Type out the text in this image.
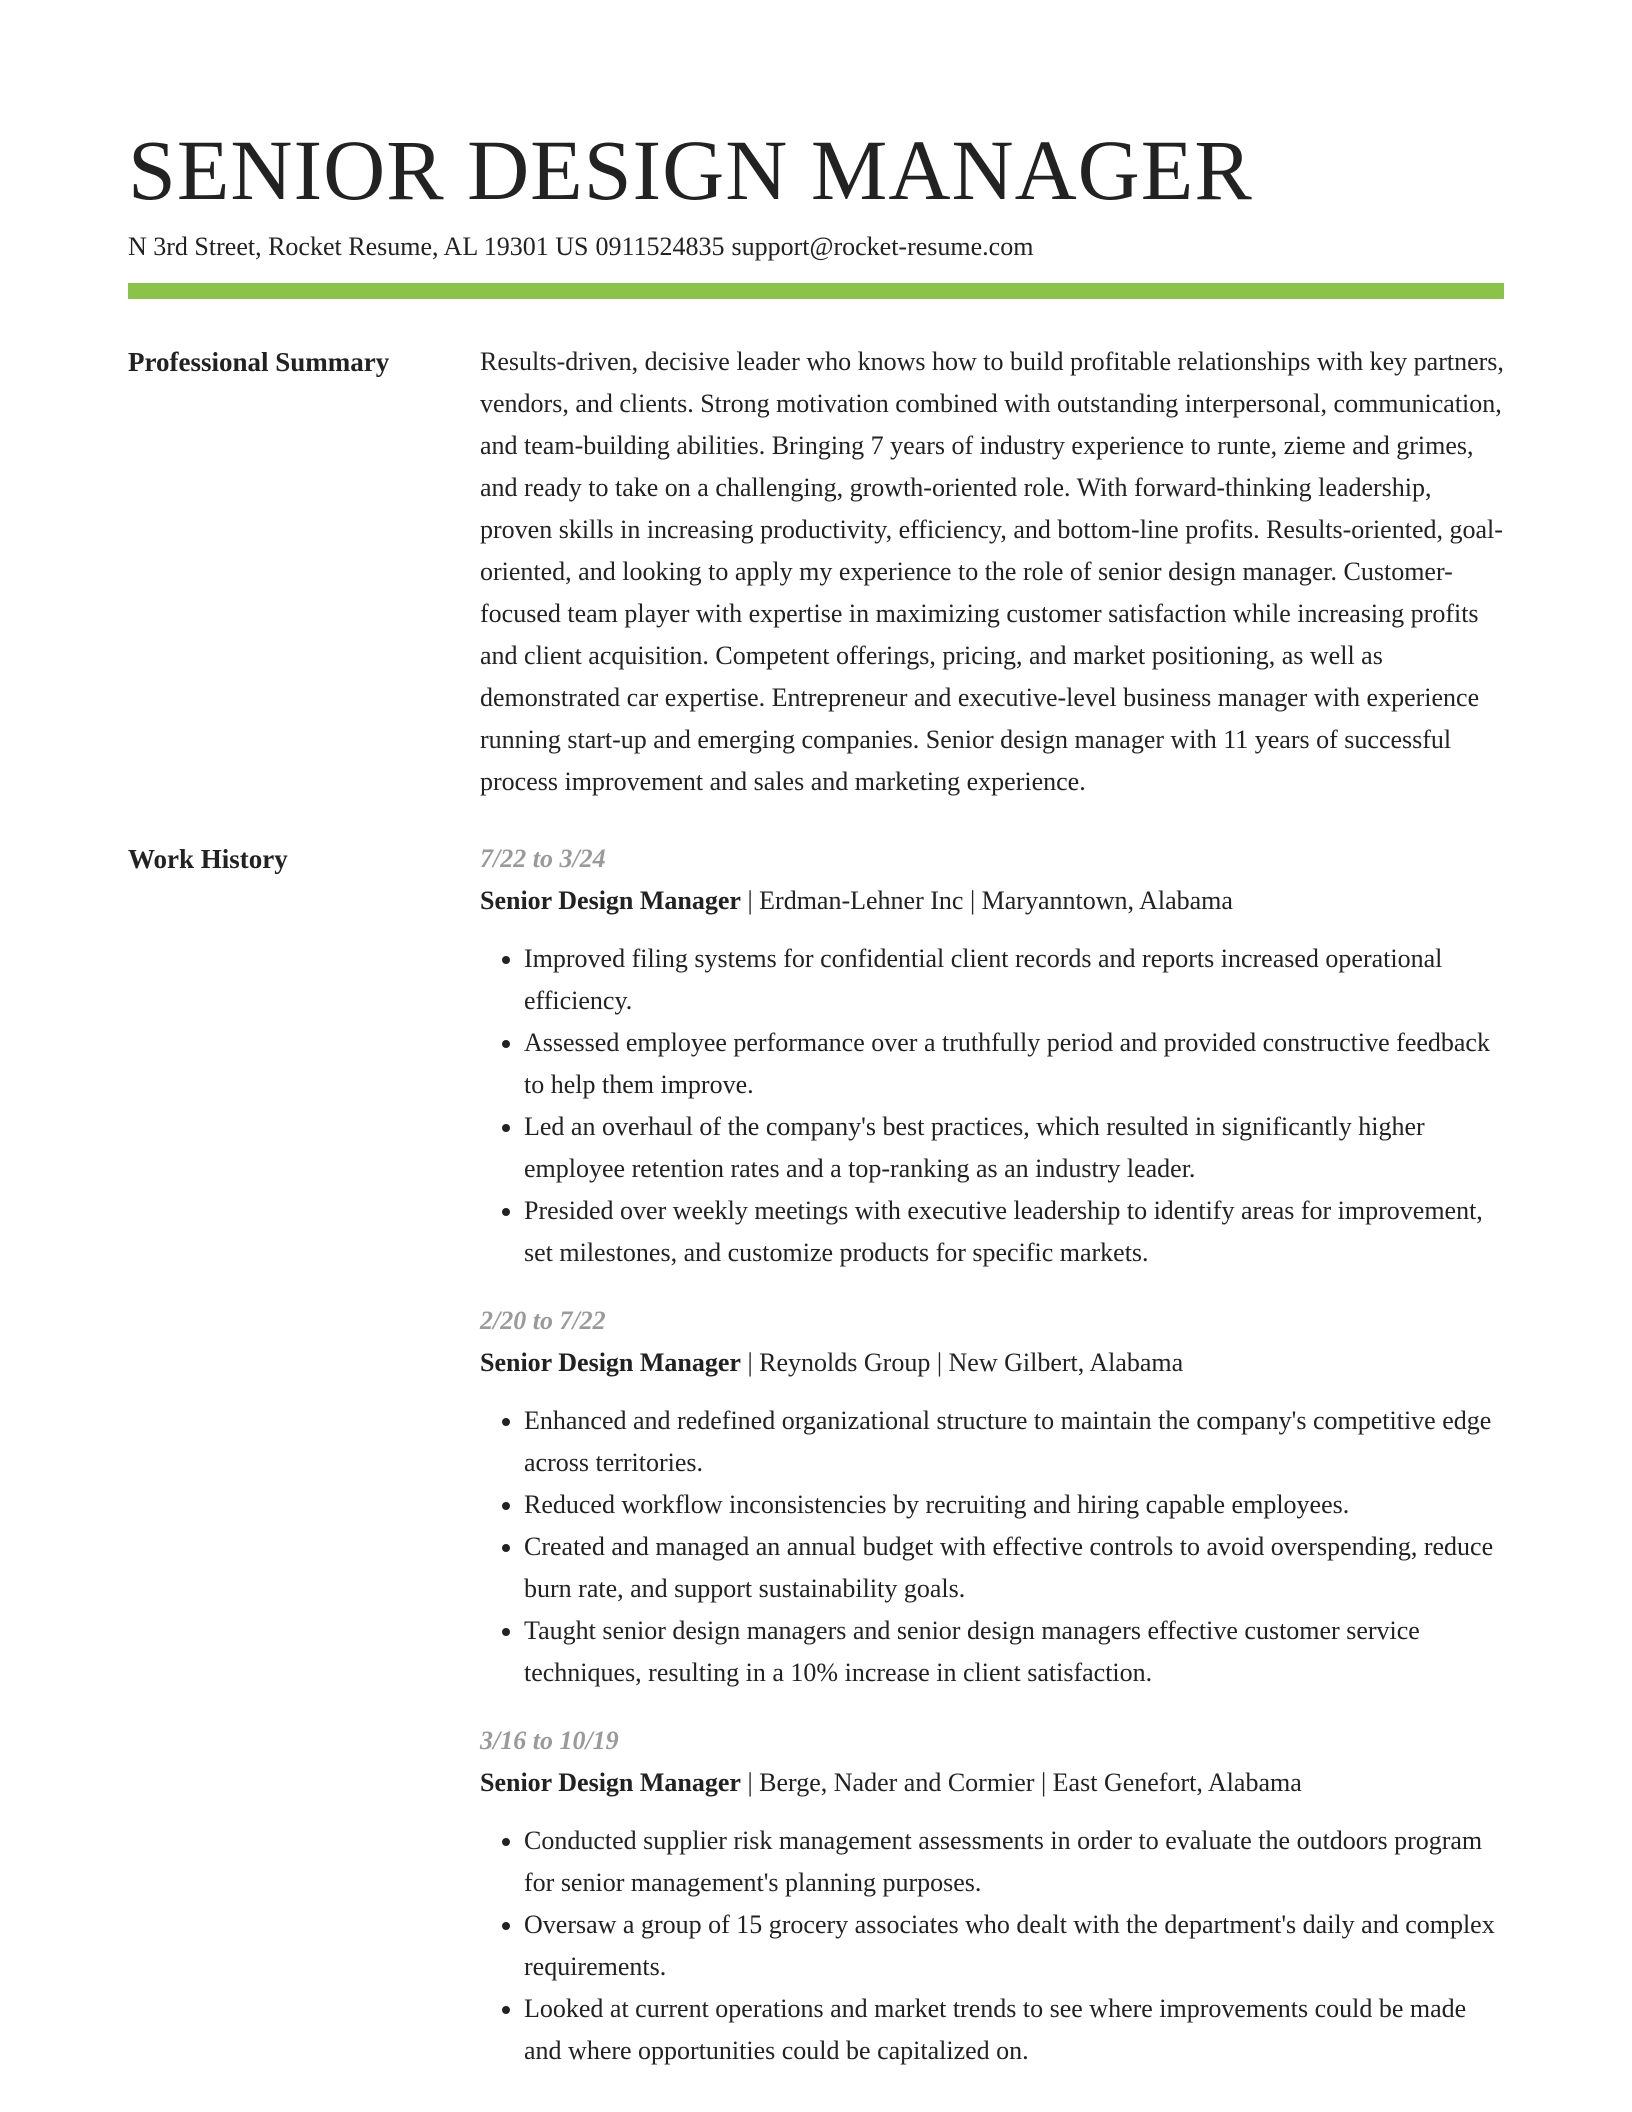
SENIOR DESIGN MANAGER
N 3rd Street, Rocket Resume, AL 19301 US 0911524835 support@rocket-resume.com
Professional Summary	Results-driven, decisive leader who knows how to build profitable relationships with key partners, vendors, and clients. Strong motivation combined with outstanding interpersonal, communication, and team-building abilities. Bringing 7 years of industry experience to runte, zieme and grimes, and ready to take on a challenging, growth-oriented role. With forward-thinking leadership, proven skills in increasing productivity, efficiency, and bottom-line profits. Results-oriented, goal-oriented, and looking to apply my experience to the role of senior design manager. Customer-focused team player with expertise in maximizing customer satisfaction while increasing profits and client acquisition. Competent offerings, pricing, and market positioning, as well as demonstrated car expertise. Entrepreneur and executive-level business manager with experience running start-up and emerging companies. Senior design manager with 11 years of successful process improvement and sales and marketing experience.

Work History	7/22 to 3/24
Senior Design Manager | Erdman-Lehner Inc | Maryanntown, Alabama
• Improved filing systems for confidential client records and reports increased operational efficiency.
• Assessed employee performance over a truthfully period and provided constructive feedback to help them improve.
• Led an overhaul of the company's best practices, which resulted in significantly higher employee retention rates and a top-ranking as an industry leader.
• Presided over weekly meetings with executive leadership to identify areas for improvement, set milestones, and customize products for specific markets.
2/20 to 7/22
Senior Design Manager | Reynolds Group | New Gilbert, Alabama
• Enhanced and redefined organizational structure to maintain the company's competitive edge across territories.
• Reduced workflow inconsistencies by recruiting and hiring capable employees.
• Created and managed an annual budget with effective controls to avoid overspending, reduce burn rate, and support sustainability goals.
• Taught senior design managers and senior design managers effective customer service techniques, resulting in a 10% increase in client satisfaction.
3/16 to 10/19
Senior Design Manager | Berge, Nader and Cormier | East Genefort, Alabama
• Conducted supplier risk management assessments in order to evaluate the outdoors program for senior management's planning purposes.
• Oversaw a group of 15 grocery associates who dealt with the department's daily and complex requirements.
• Looked at current operations and market trends to see where improvements could be made and where opportunities could be capitalized on.
